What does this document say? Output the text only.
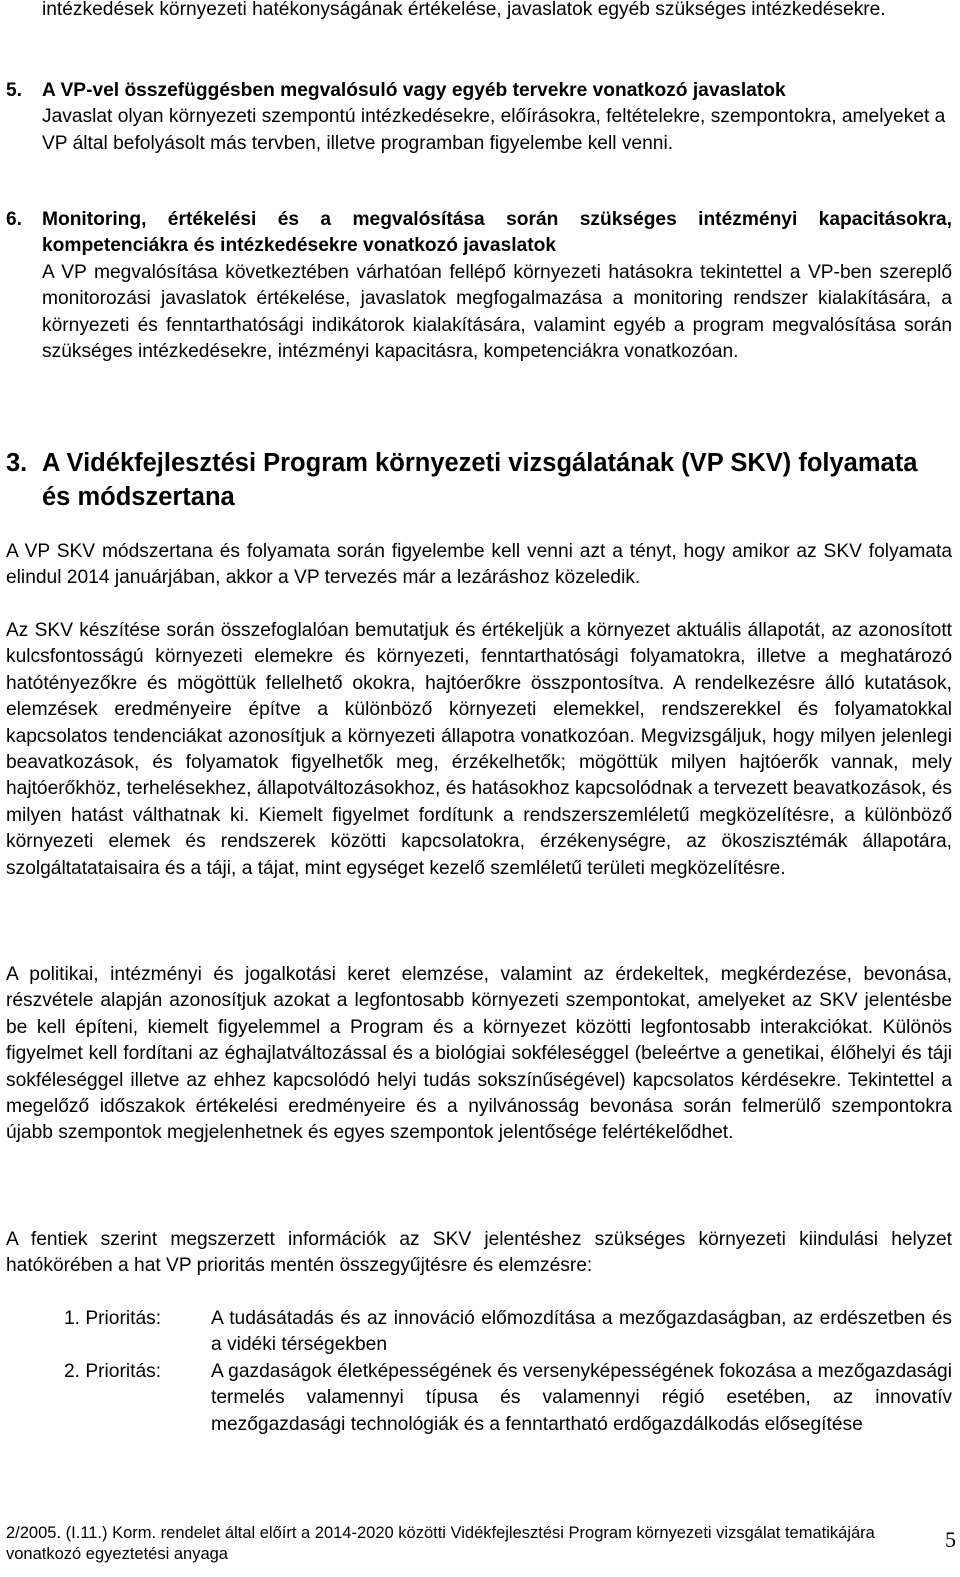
intézkedések környezeti hatékonyságának értékelése, javaslatok egyéb szükséges intézkedésekre.

5.	A VP-vel összefüggésben megvalósuló vagy egyéb tervekre vonatkozó javaslatok

Javaslat olyan környezeti szempontú intézkedésekre, előírásokra, feltételekre, szempontokra, amelyeket a VP által befolyásolt más tervben, illetve programban figyelembe kell venni.

6.	Monitoring, értékelési és a megvalósítása során szükséges intézményi kapacitásokra, kompetenciákra és intézkedésekre vonatkozó javaslatok

A VP megvalósítása következtében várhatóan fellépő környezeti hatásokra tekintettel a VP-ben szereplő monitorozási javaslatok értékelése, javaslatok megfogalmazása a monitoring rendszer kialakítására, a környezeti és fenntarthatósági indikátorok kialakítására, valamint egyéb a program megvalósítása során szükséges intézkedésekre, intézményi kapacitásra, kompetenciákra vonatkozóan.

3. A Vidékfejlesztési Program környezeti vizsgálatának (VP SKV) folyamata és módszertana

A VP SKV módszertana és folyamata során figyelembe kell venni azt a tényt, hogy amikor az SKV folyamata elindul 2014 januárjában, akkor a VP tervezés már a lezáráshoz közeledik.

Az SKV készítése során összefoglalóan bemutatjuk és értékeljük a környezet aktuális állapotát, az azonosított kulcsfontosságú környezeti elemekre és környezeti, fenntarthatósági folyamatokra, illetve a meghatározó hatótényezőkre és mögöttük fellelhető okokra, hajtóerőkre összpontosítva. A rendelkezésre álló kutatások, elemzések eredményeire építve a különböző környezeti elemekkel, rendszerekkel és folyamatokkal kapcsolatos tendenciákat azonosítjuk a környezeti állapotra vonatkozóan. Megvizsgáljuk, hogy milyen jelenlegi beavatkozások, és folyamatok figyelhetők meg, érzékelhetők; mögöttük milyen hajtóerők vannak, mely hajtóerőkhöz, terhelésekhez, állapotváltozásokhoz, és hatásokhoz kapcsolódnak a tervezett beavatkozások, és milyen hatást válthatnak ki. Kiemelt figyelmet fordítunk a rendszerszemléletű megközelítésre, a különböző környezeti elemek és rendszerek közötti kapcsolatokra, érzékenységre, az ökoszisztémák állapotára, szolgáltatataisaira és a táji, a tájat, mint egységet kezelő szemléletű területi megközelítésre.

A politikai, intézményi és jogalkotási keret elemzése, valamint az érdekeltek, megkérdezése, bevonása, részvétele alapján azonosítjuk azokat a legfontosabb környezeti szempontokat, amelyeket az SKV jelentésbe be kell építeni, kiemelt figyelemmel a Program és a környezet közötti legfontosabb interakciókat. Különös figyelmet kell fordítani az éghajlatváltozással és a biológiai sokféleséggel (beleértve a genetikai, élőhelyi és táji sokféleséggel illetve az ehhez kapcsolódó helyi tudás sokszínűségével) kapcsolatos kérdésekre. Tekintettel a megelőző időszakok értékelési eredményeire és a nyilvánosság bevonása során felmerülő szempontokra újabb szempontok megjelenhetnek és egyes szempontok jelentősége felértékelődhet.

A fentiek szerint megszerzett információk az SKV jelentéshez szükséges környezeti kiindulási helyzet hatókörében a hat VP prioritás mentén összegyűjtésre és elemzésre:

1. Prioritás:	A tudásátadás és az innováció előmozdítása a mezőgazdaságban, az erdészetben és a vidéki térségekben
2. Prioritás:	A gazdaságok életképességének és versenyképességének fokozása a mezőgazdasági termelés valamennyi típusa és valamennyi régió esetében, az innovatív mezőgazdasági technológiák és a fenntartható erdőgazdálkodás elősegítése

2/2005. (I.11.) Korm. rendelet által előírt a 2014-2020 közötti Vidékfejlesztési Program környezeti vizsgálat tematikájára vonatkozó egyeztetési anyaga

5
